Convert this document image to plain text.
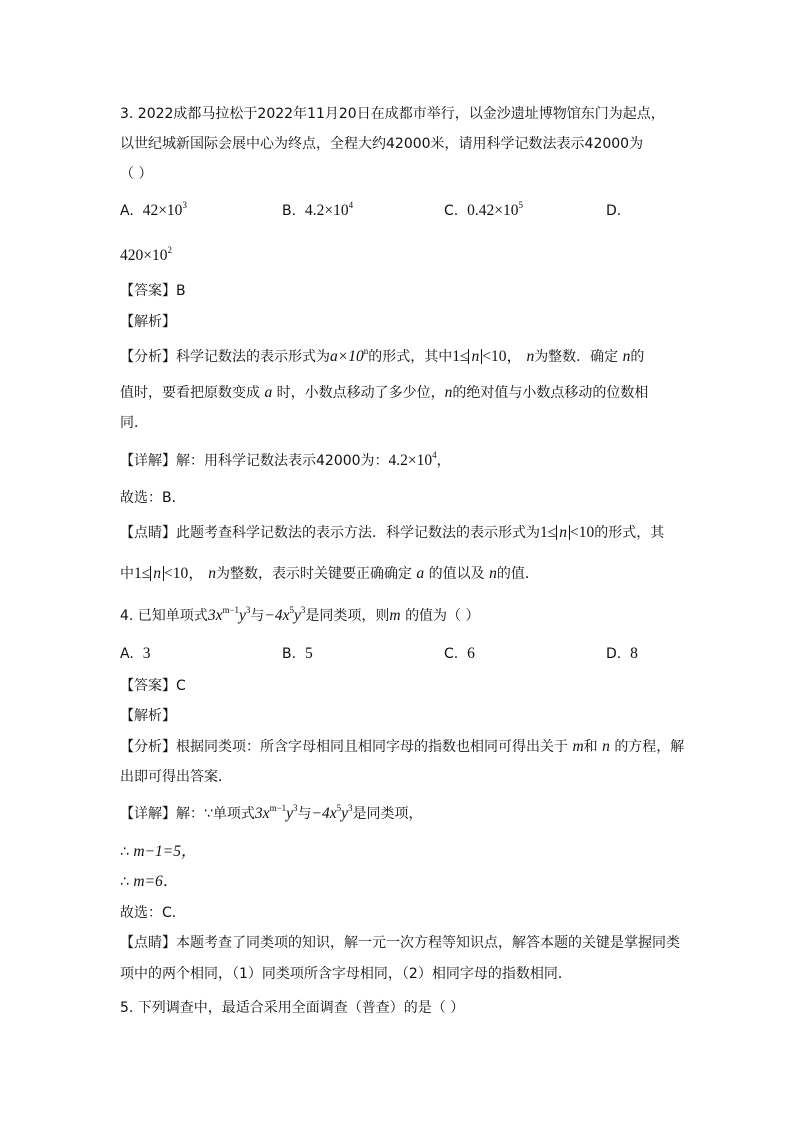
3. 2022成都马拉松于2022年11月20日在成都市举行，以金沙遗址博物馆东门为起点，
以世纪城新国际会展中心为终点，全程大约42000米，请用科学记数法表示42000为
（ ）
A. $42\times 10^3$	B. $4.2\times 10^4$	C. $0.42\times 10^5$	D.
$420\times 10^2$
【答案】B
【解析】
【分析】科学记数法的表示形式为$a\times 10^n$的形式，其中1≤ n <10， n为整数．确定 n的
值时，要看把原数变成 a 时，小数点移动了多少位，n的绝对值与小数点移动的位数相
同．
【详解】解：用科学记数法表示42000为：$4.2\times 10^4$，
故选：B．
【点睛】此题考查科学记数法的表示方法．科学记数法的表示形式为1≤ n <10的形式，其
中1≤ n <10， n为整数，表示时关键要正确确定 a 的值以及 n的值．
4. 已知单项式$3x^{m-1}y^3$与$-4x^5y^3$是同类项，则m 的值为（ ）
A. 3	B. 5	C. 6	D. 8
【答案】C
【解析】
【分析】根据同类项：所含字母相同且相同字母的指数也相同可得出关于 m和 n 的方程，解
出即可得出答案．
【详解】解：∵单项式$3x^{m-1}y^3$与$-4x^5y^3$是同类项，
∴ m−1=5，
∴ m=6．
故选：C．
【点睛】本题考查了同类项的知识，解一元一次方程等知识点，解答本题的关键是掌握同类
项中的两个相同，（1）同类项所含字母相同，（2）相同字母的指数相同．
5. 下列调查中，最适合采用全面调查（普查）的是（ ）
